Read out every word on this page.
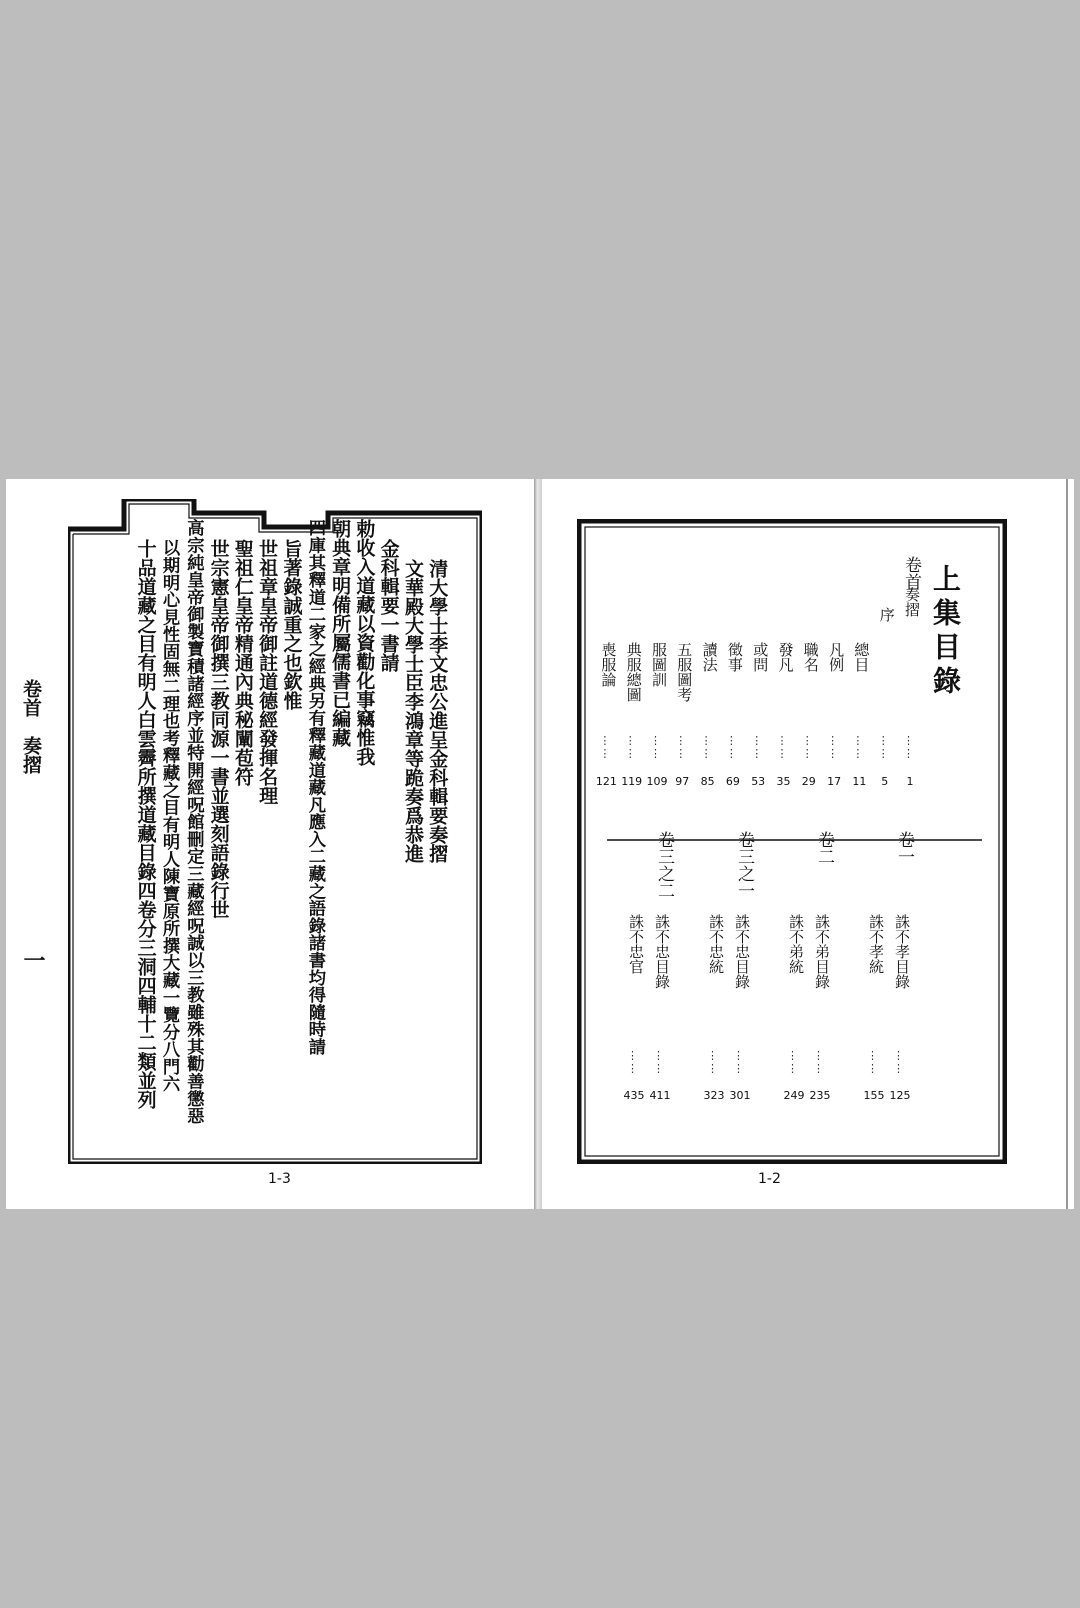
清大學士李文忠公進呈金科輯要奏摺
文華殿大學士臣李鴻章等跪奏爲恭進
金科輯要一書請
勅收入道藏以資勸化事竊惟我
朝典章明備所屬儒書已編藏
四庫其釋道二家之經典另有釋藏道藏凡應入二藏之語錄諸書均得隨時請
旨著錄誠重之也欽惟
世祖章皇帝御註道德經發揮名理
聖祖仁皇帝精通內典秘闡苞符
世宗憲皇帝御撰三教同源一書並選刻語錄行世
高宗純皇帝御製寶積諸經序並特開經呪館刪定三藏經呪誠以三教雖殊其勸善懲惡
以期明心見性固無二理也考釋藏之目有明人陳寶原所撰大藏一覽分八門六
十品道藏之目有明人白雲霽所撰道藏目錄四卷分三洞四輔十二類並列
卷首　奏摺
一
1-3
上集目錄
卷首
奏摺
⋮⋮
1
序
⋮⋮
5
總目
⋮⋮
11
凡例
⋮⋮
17
職名
⋮⋮
29
發凡
⋮⋮
35
或問
⋮⋮
53
徵事
⋮⋮
69
讀法
⋮⋮
85
五服圖考
⋮⋮
97
服圖訓
⋮⋮
109
典服總圖
⋮⋮
119
喪服論
⋮⋮
121
卷一
誅不孝目錄
⋮⋮
125
誅不孝統
⋮⋮
155
卷二
誅不弟目錄
⋮⋮
235
誅不弟統
⋮⋮
249
卷三之一
誅不忠目錄
⋮⋮
301
誅不忠統
⋮⋮
323
卷三之二
誅不忠目錄
⋮⋮
411
誅不忠官
⋮⋮
435
1-2
